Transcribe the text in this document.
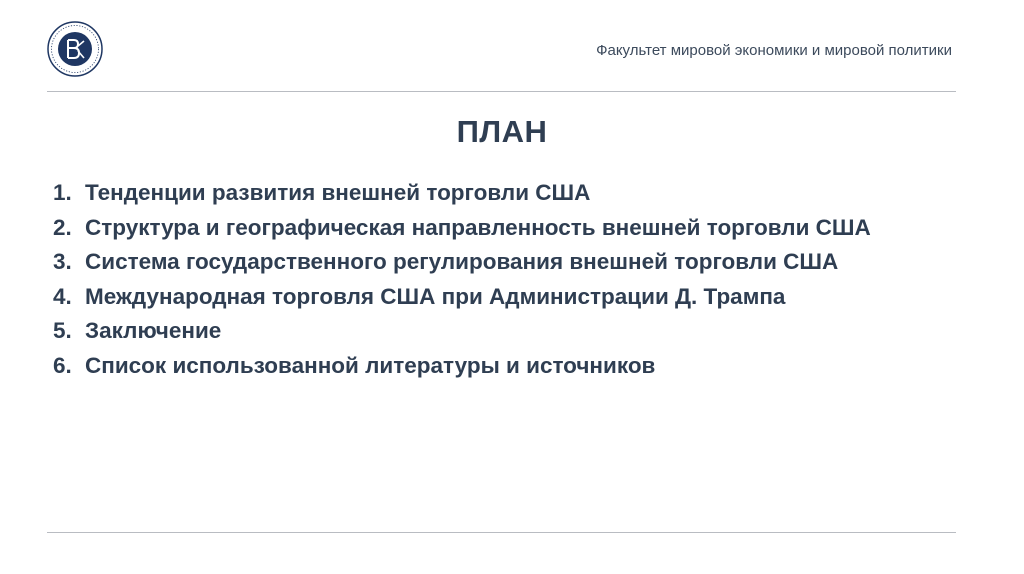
Факультет мировой экономики и мировой политики
ПЛАН
1. Тенденции развития внешней торговли США
2. Структура и географическая направленность внешней торговли США
3. Система государственного регулирования внешней торговли США
4. Международная торговля США при Администрации Д. Трампа
5. Заключение
6. Список использованной литературы и источников
